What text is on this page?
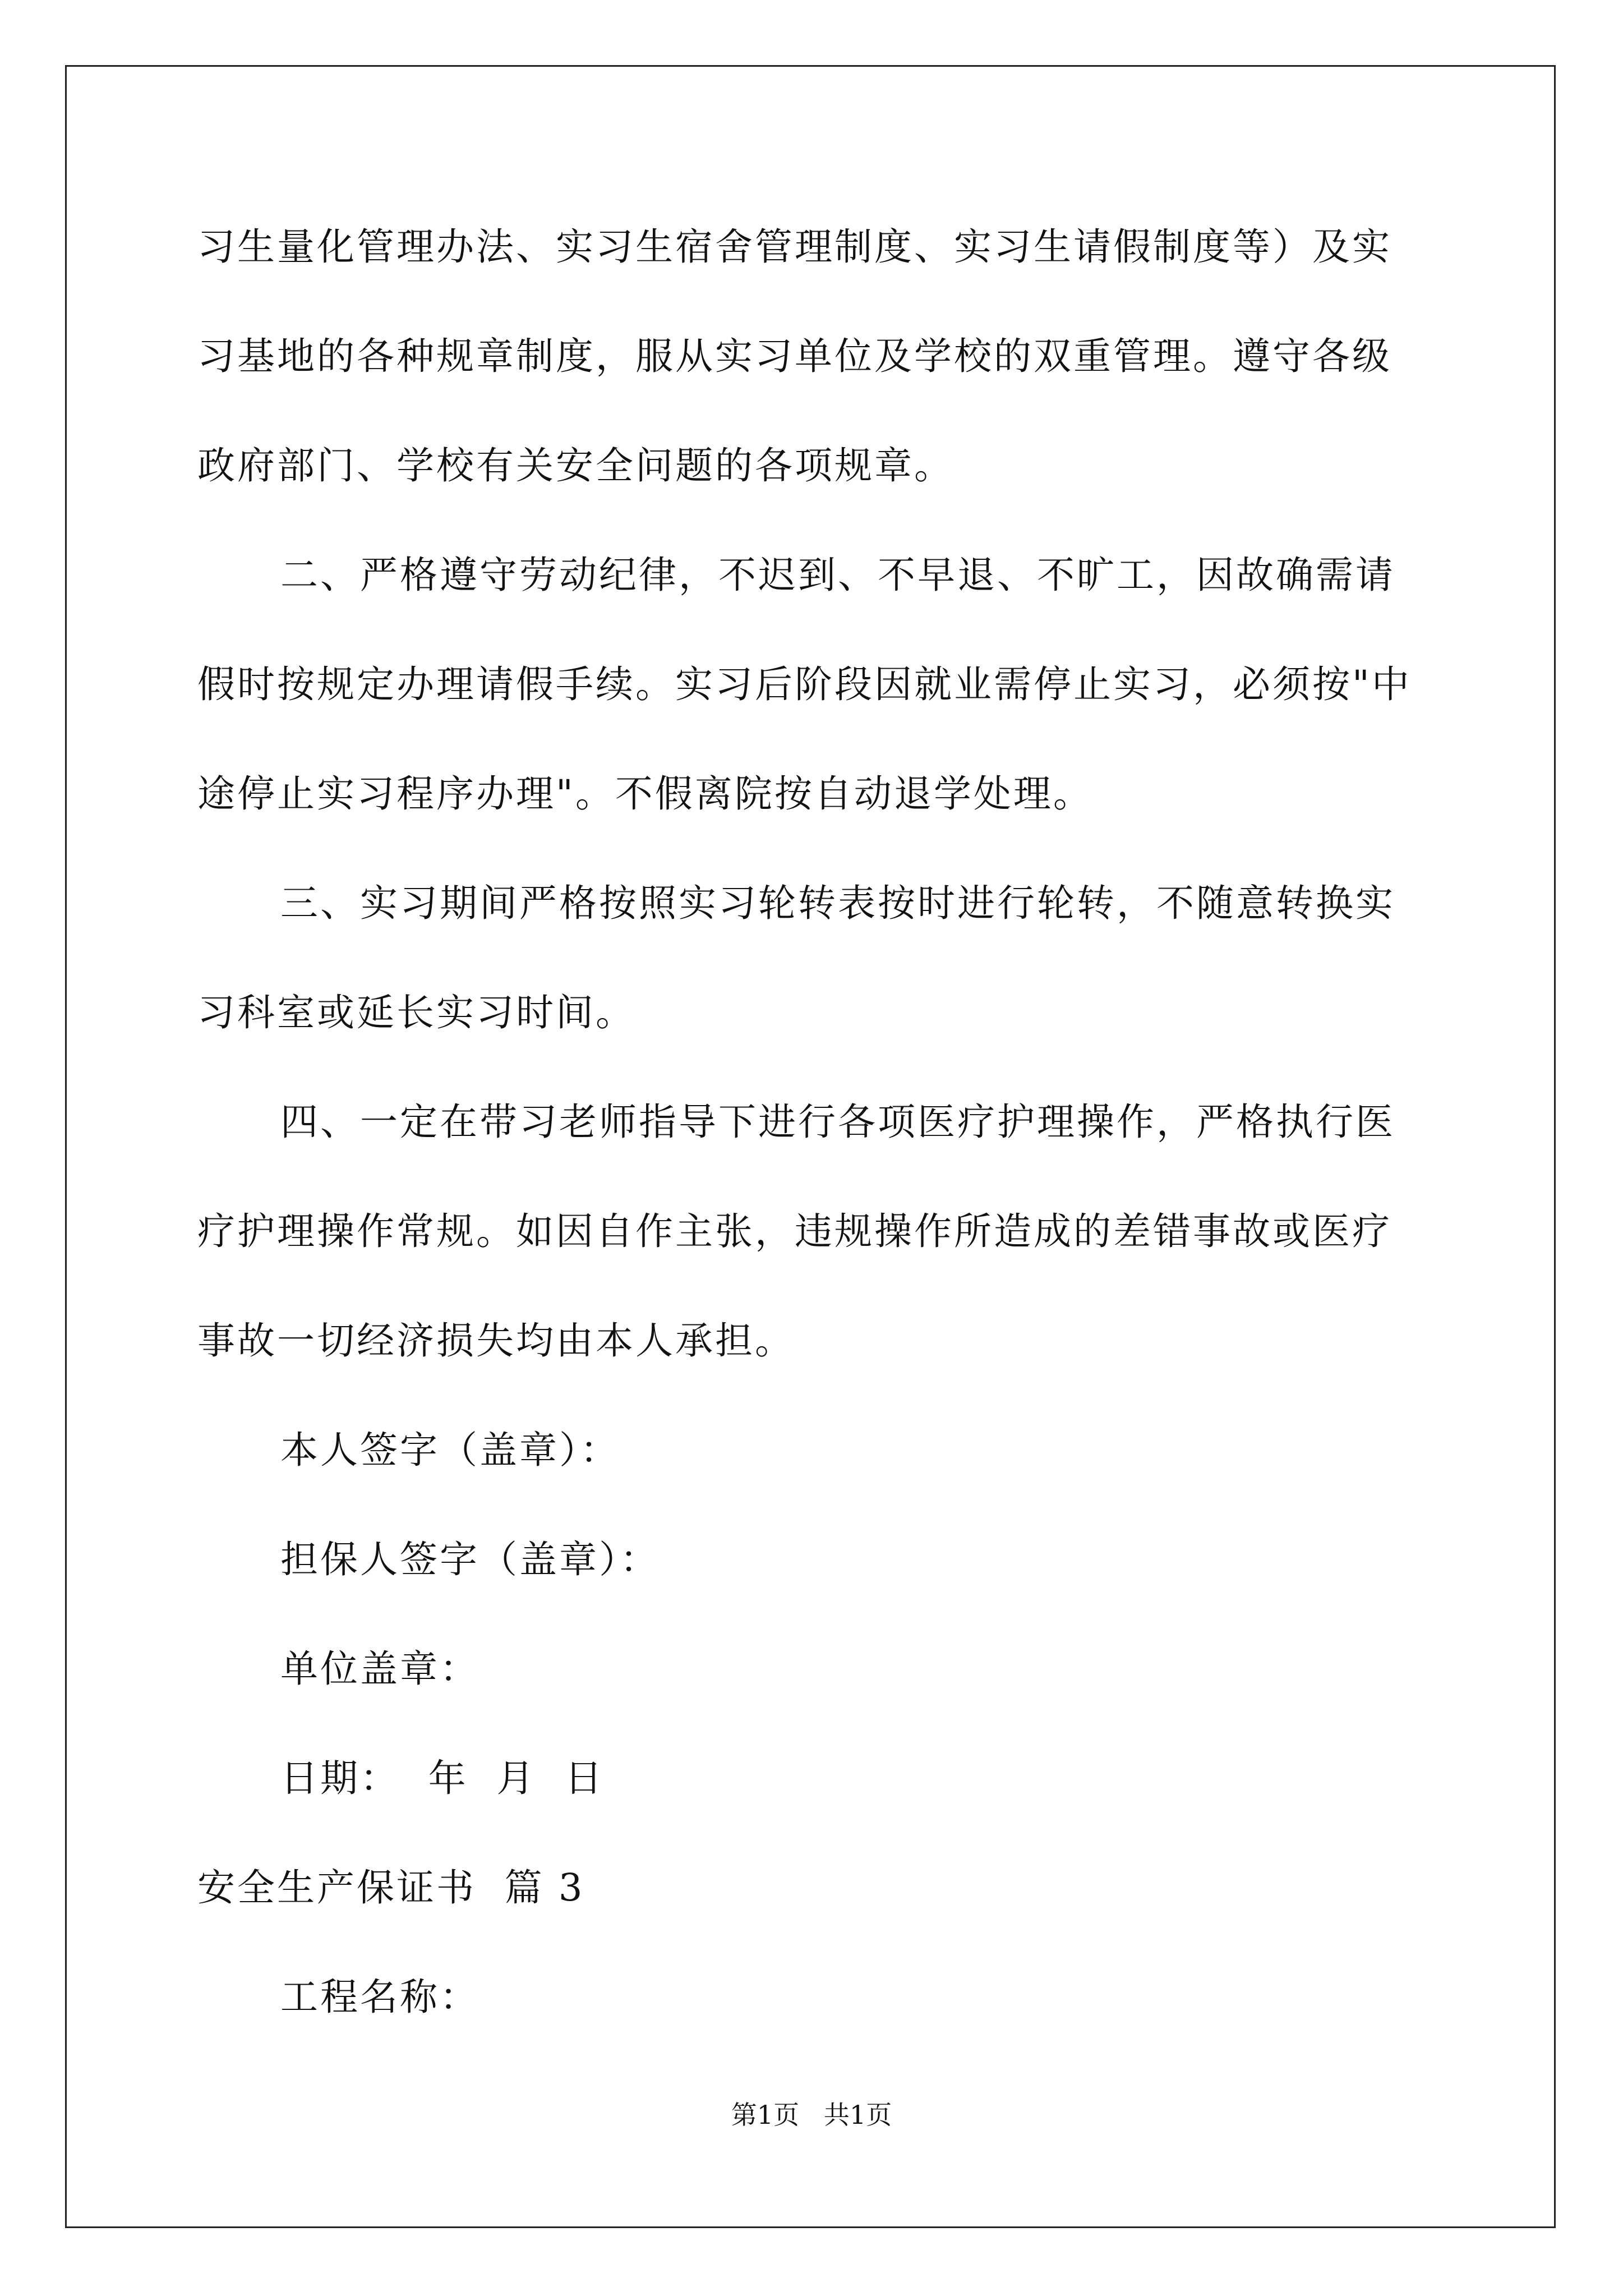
习生量化管理办法、实习生宿舍管理制度、实习生请假制度等）及实
习基地的各种规章制度，服从实习单位及学校的双重管理。遵守各级
政府部门、学校有关安全问题的各项规章。
二、严格遵守劳动纪律，不迟到、不早退、不旷工，因故确需请
假时按规定办理请假手续。实习后阶段因就业需停止实习，必须按"中
途停止实习程序办理"。不假离院按自动退学处理。
三、实习期间严格按照实习轮转表按时进行轮转，不随意转换实
习科室或延长实习时间。
四、一定在带习老师指导下进行各项医疗护理操作，严格执行医
疗护理操作常规。如因自作主张，违规操作所造成的差错事故或医疗
事故一切经济损失均由本人承担。
本人签字（盖章）：
担保人签字（盖章）：
单位盖章：
日期：  年  月  日
安全生产保证书  篇 3
工程名称：
第1页   共1页
